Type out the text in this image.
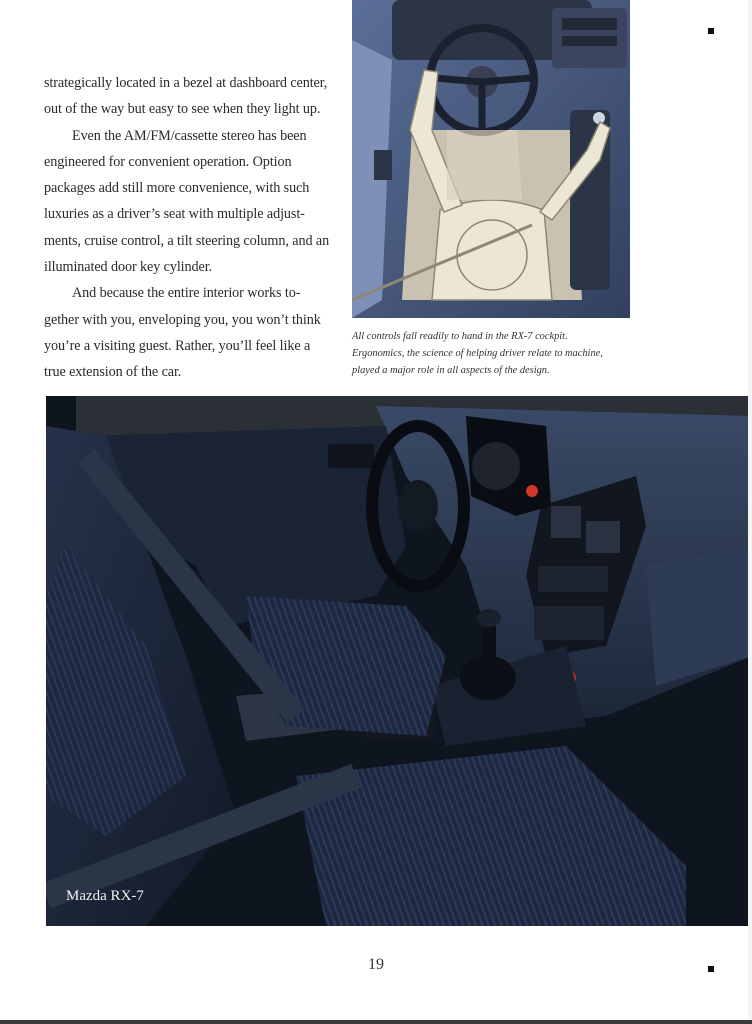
strategically located in a bezel at dashboard center, out of the way but easy to see when they light up.

Even the AM/FM/cassette stereo has been engineered for convenient operation. Option packages add still more convenience, with such luxuries as a driver’s seat with multiple adjust-ments, cruise control, a tilt steering column, and an illuminated door key cylinder.

And because the entire interior works to-gether with you, enveloping you, you won’t think you’re a visiting guest. Rather, you’ll feel like a true extension of the car.

All controls fall readily to hand in the RX-7 cockpit.
Ergonomics, the science of helping driver relate to machine,
played a major role in all aspects of the design.
Mazda RX-7
19
